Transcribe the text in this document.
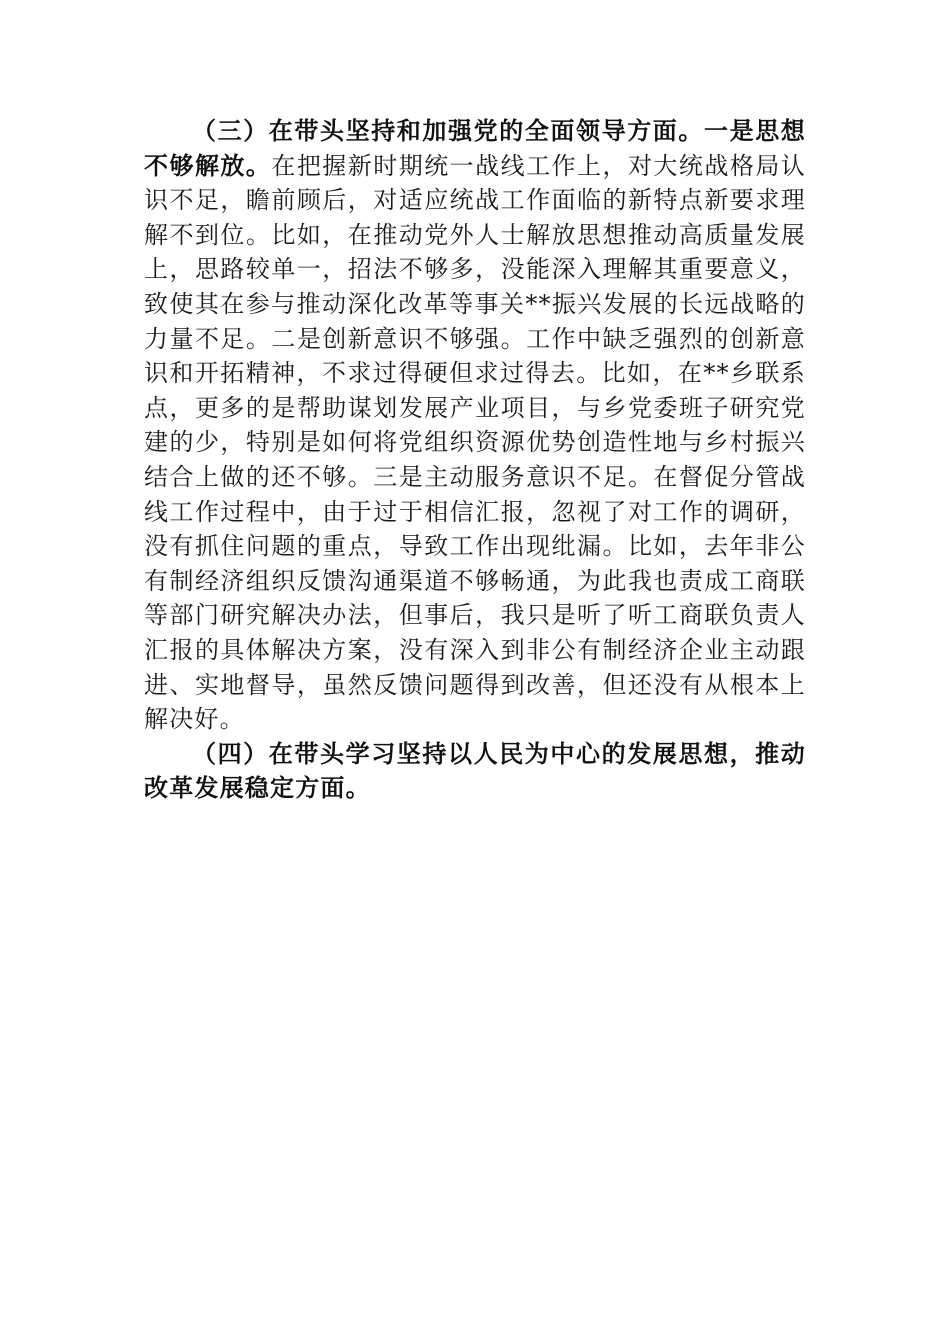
（三）在带头坚持和加强党的全面领导方面。一是思想不够解放。在把握新时期统一战线工作上，对大统战格局认识不足，瞻前顾后，对适应统战工作面临的新特点新要求理解不到位。比如，在推动党外人士解放思想推动高质量发展上，思路较单一，招法不够多，没能深入理解其重要意义，致使其在参与推动深化改革等事关**振兴发展的长远战略的力量不足。二是创新意识不够强。工作中缺乏强烈的创新意识和开拓精神，不求过得硬但求过得去。比如，在**乡联系点，更多的是帮助谋划发展产业项目，与乡党委班子研究党建的少，特别是如何将党组织资源优势创造性地与乡村振兴结合上做的还不够。三是主动服务意识不足。在督促分管战线工作过程中，由于过于相信汇报，忽视了对工作的调研，没有抓住问题的重点，导致工作出现纰漏。比如，去年非公有制经济组织反馈沟通渠道不够畅通，为此我也责成工商联等部门研究解决办法，但事后，我只是听了听工商联负责人汇报的具体解决方案，没有深入到非公有制经济企业主动跟进、实地督导，虽然反馈问题得到改善，但还没有从根本上解决好。

（四）在带头学习坚持以人民为中心的发展思想，推动改革发展稳定方面。
